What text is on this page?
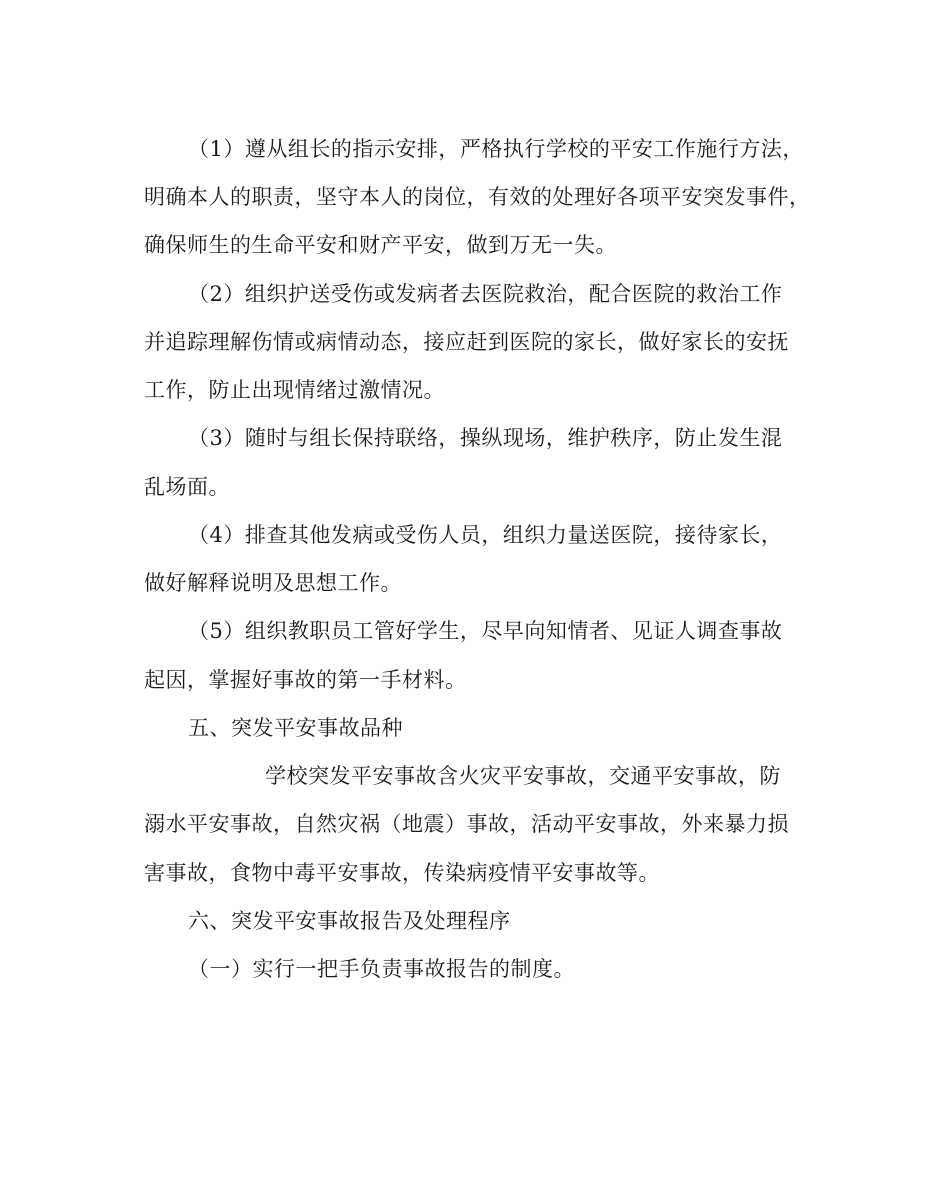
（1）遵从组长的指示安排，严格执行学校的平安工作施行方法，

明确本人的职责，坚守本人的岗位，有效的处理好各项平安突发事件，

确保师生的生命平安和财产平安，做到万无一失。

（2）组织护送受伤或发病者去医院救治，配合医院的救治工作

并追踪理解伤情或病情动态，接应赶到医院的家长，做好家长的安抚

工作，防止出现情绪过激情况。

（3）随时与组长保持联络，操纵现场，维护秩序，防止发生混

乱场面。

（4）排查其他发病或受伤人员，组织力量送医院，接待家长，

做好解释说明及思想工作。

（5）组织教职员工管好学生，尽早向知情者、见证人调查事故

起因，掌握好事故的第一手材料。

五、突发平安事故品种

学校突发平安事故含火灾平安事故，交通平安事故，防

溺水平安事故，自然灾祸（地震）事故，活动平安事故，外来暴力损

害事故，食物中毒平安事故，传染病疫情平安事故等。

六、突发平安事故报告及处理程序

（一）实行一把手负责事故报告的制度。
